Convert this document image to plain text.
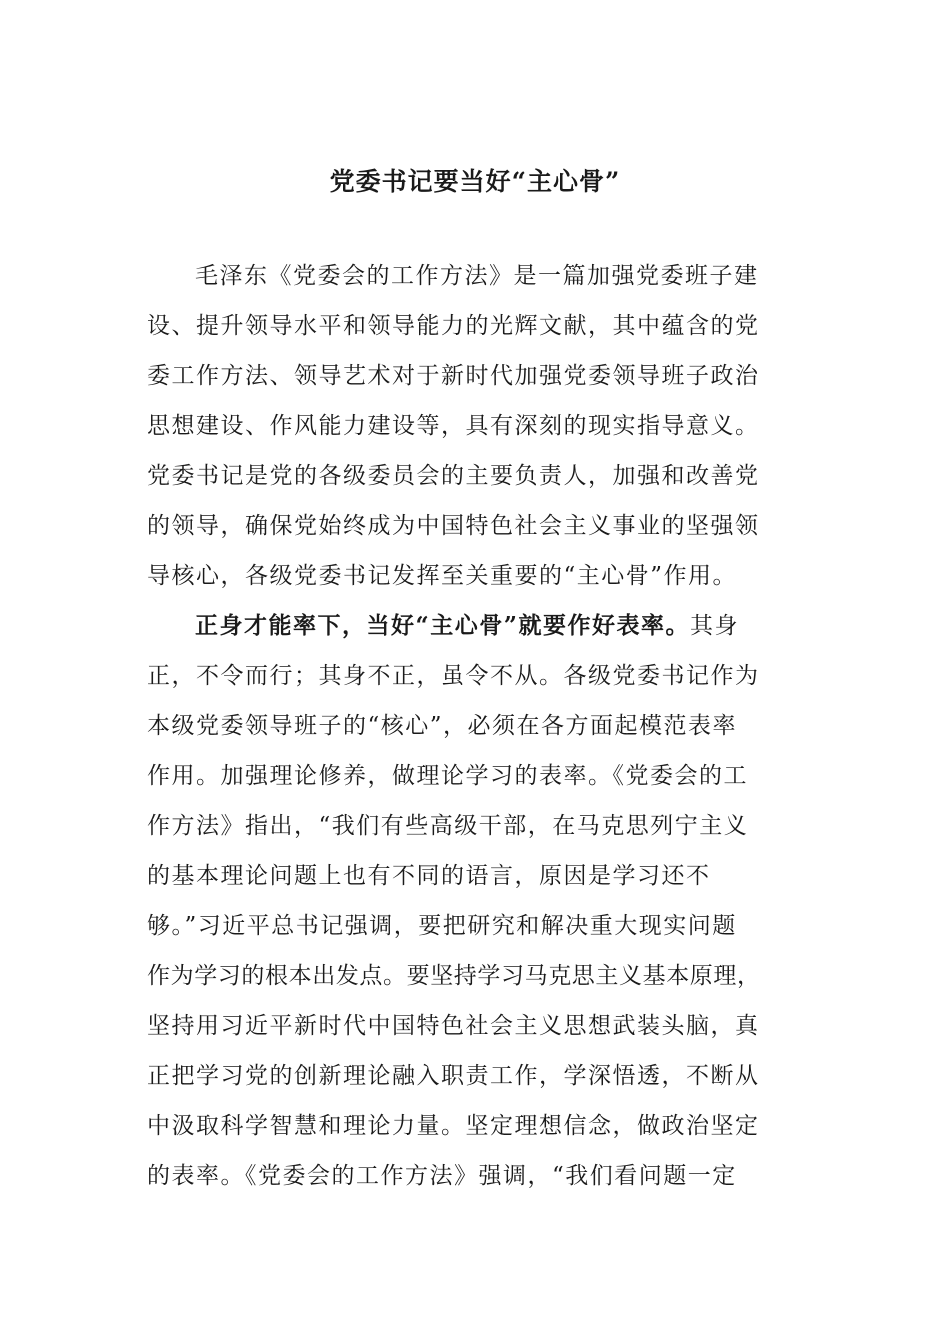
党委书记要当好“主心骨”
毛泽东《党委会的工作方法》是一篇加强党委班子建
设、提升领导水平和领导能力的光辉文献，其中蕴含的党
委工作方法、领导艺术对于新时代加强党委领导班子政治
思想建设、作风能力建设等，具有深刻的现实指导意义。
党委书记是党的各级委员会的主要负责人，加强和改善党
的领导，确保党始终成为中国特色社会主义事业的坚强领
导核心，各级党委书记发挥至关重要的“主心骨”作用。
正身才能率下，当好“主心骨”就要作好表率。其身
正，不令而行；其身不正，虽令不从。各级党委书记作为
本级党委领导班子的“核心”，必须在各方面起模范表率
作用。加强理论修养，做理论学习的表率。《党委会的工
作方法》指出，“我们有些高级干部，在马克思列宁主义
的基本理论问题上也有不同的语言，原因是学习还不
够。”习近平总书记强调，要把研究和解决重大现实问题
作为学习的根本出发点。要坚持学习马克思主义基本原理，
坚持用习近平新时代中国特色社会主义思想武装头脑，真
正把学习党的创新理论融入职责工作，学深悟透，不断从
中汲取科学智慧和理论力量。坚定理想信念，做政治坚定
的表率。《党委会的工作方法》强调，“我们看问题一定
